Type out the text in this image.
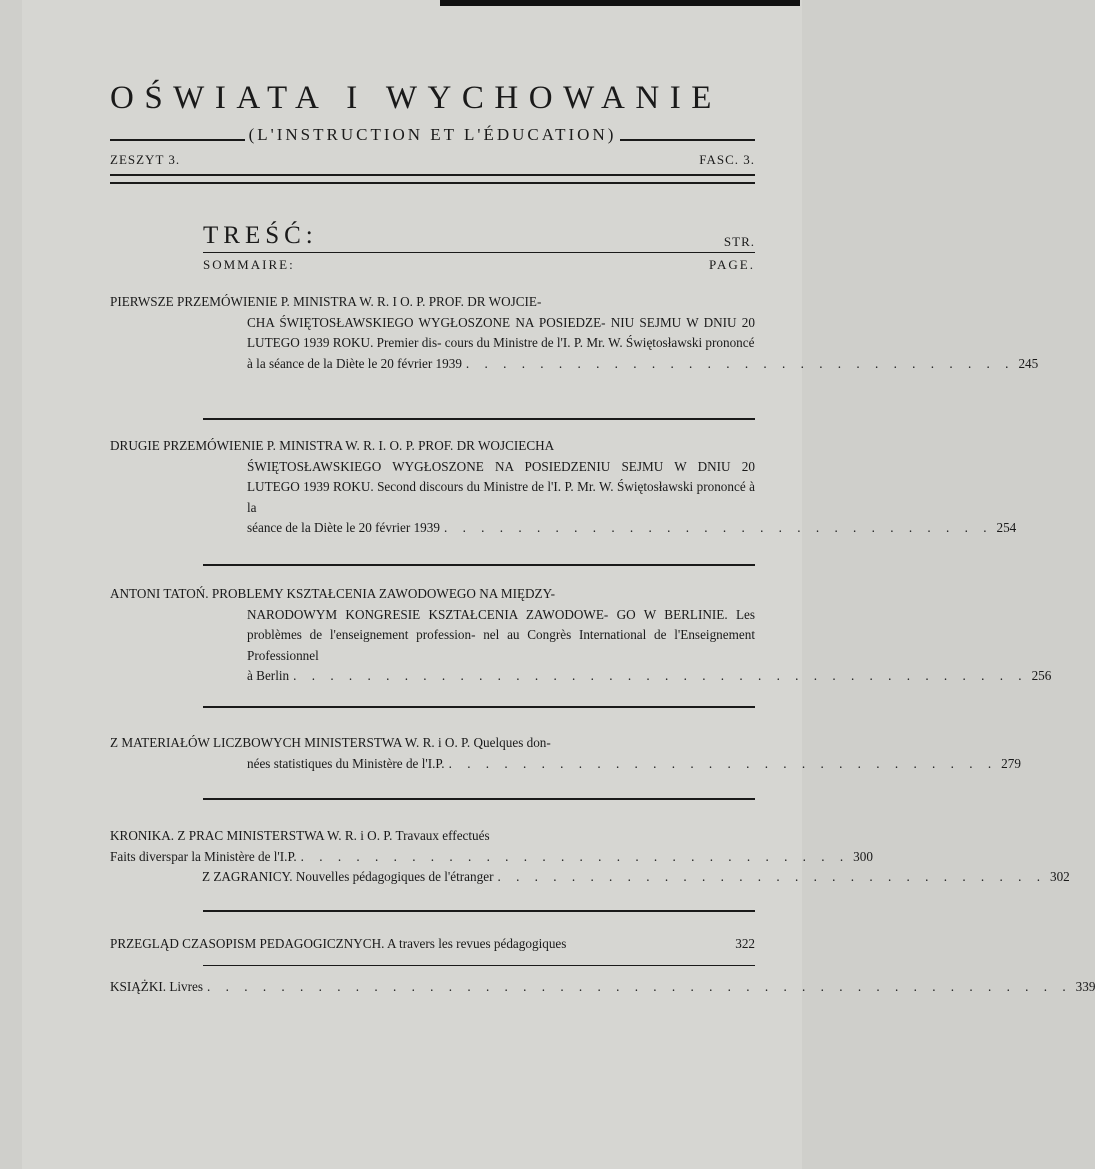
OŚWIATA I WYCHOWANIE
(L'INSTRUCTION ET L'ÉDUCATION)
ZESZYT 3.	FASC. 3.
TREŚĆ:	STR.
SOMMAIRE:	PAGE.
PIERWSZE PRZEMÓWIENIE P. MINISTRA W. R. I O. P. PROF. DR WOJCIE-
CHA ŚWIĘTOSŁAWSKIEGO WYGŁOSZONE NA POSIEDZE- NIU SEJMU W DNIU 20 LUTEGO 1939 ROKU. Premier dis- cours du Ministre de l'I. P. Mr. W. Świętosławski prononcé
à la séance de la Diète le 20 février 1939 . . . . . . . . . . . . . . . . . . . . . . . . . . . . . . 245
DRUGIE PRZEMÓWIENIE P. MINISTRA W. R. I. O. P. PROF. DR WOJCIECHA
ŚWIĘTOSŁAWSKIEGO WYGŁOSZONE NA POSIEDZENIU SEJMU W DNIU 20 LUTEGO 1939 ROKU. Second discours du Ministre de l'I. P. Mr. W. Świętosławski prononcé à la
séance de la Diète le 20 février 1939 . . . . . . . . . . . . . . . . . . . . . . . . . . . . . . 254
ANTONI TATOŃ. PROBLEMY KSZTAŁCENIA ZAWODOWEGO NA MIĘDZY-
NARODOWYM KONGRESIE KSZTAŁCENIA ZAWODOWE- GO W BERLINIE. Les problèmes de l'enseignement profession- nel au Congrès International de l'Enseignement Professionnel
à Berlin . . . . . . . . . . . . . . . . . . . . . . . . . . . . . . . . . . . . . . . . 256
Z MATERIAŁÓW LICZBOWYCH MINISTERSTWA W. R. i O. P. Quelques don-
nées statistiques du Ministère de l'I.P. . . . . . . . . . . . . . . . . . . . . . . . . . . . . . . 279
KRONIKA. Z PRAC MINISTERSTWA W. R. i O. P. Travaux effectués
Faits divers par la Ministère de l'I.P. . . . . . . . . . . . . . . . . . . . . . . . . . . . . . . 300
Z ZAGRANICY. Nouvelles pédagogiques de l'étranger . . . . . . . . . . . . . . . . . . . . . . . . . . . . . . 302
PRZEGLĄD CZASOPISM PEDAGOGICZNYCH. A travers les revues pédagogiques	322
KSIĄŻKI. Livres . . . . . . . . . . . . . . . . . . . . . . . . . . . . . . . . . . . . . . . . . . . . . . . 339
